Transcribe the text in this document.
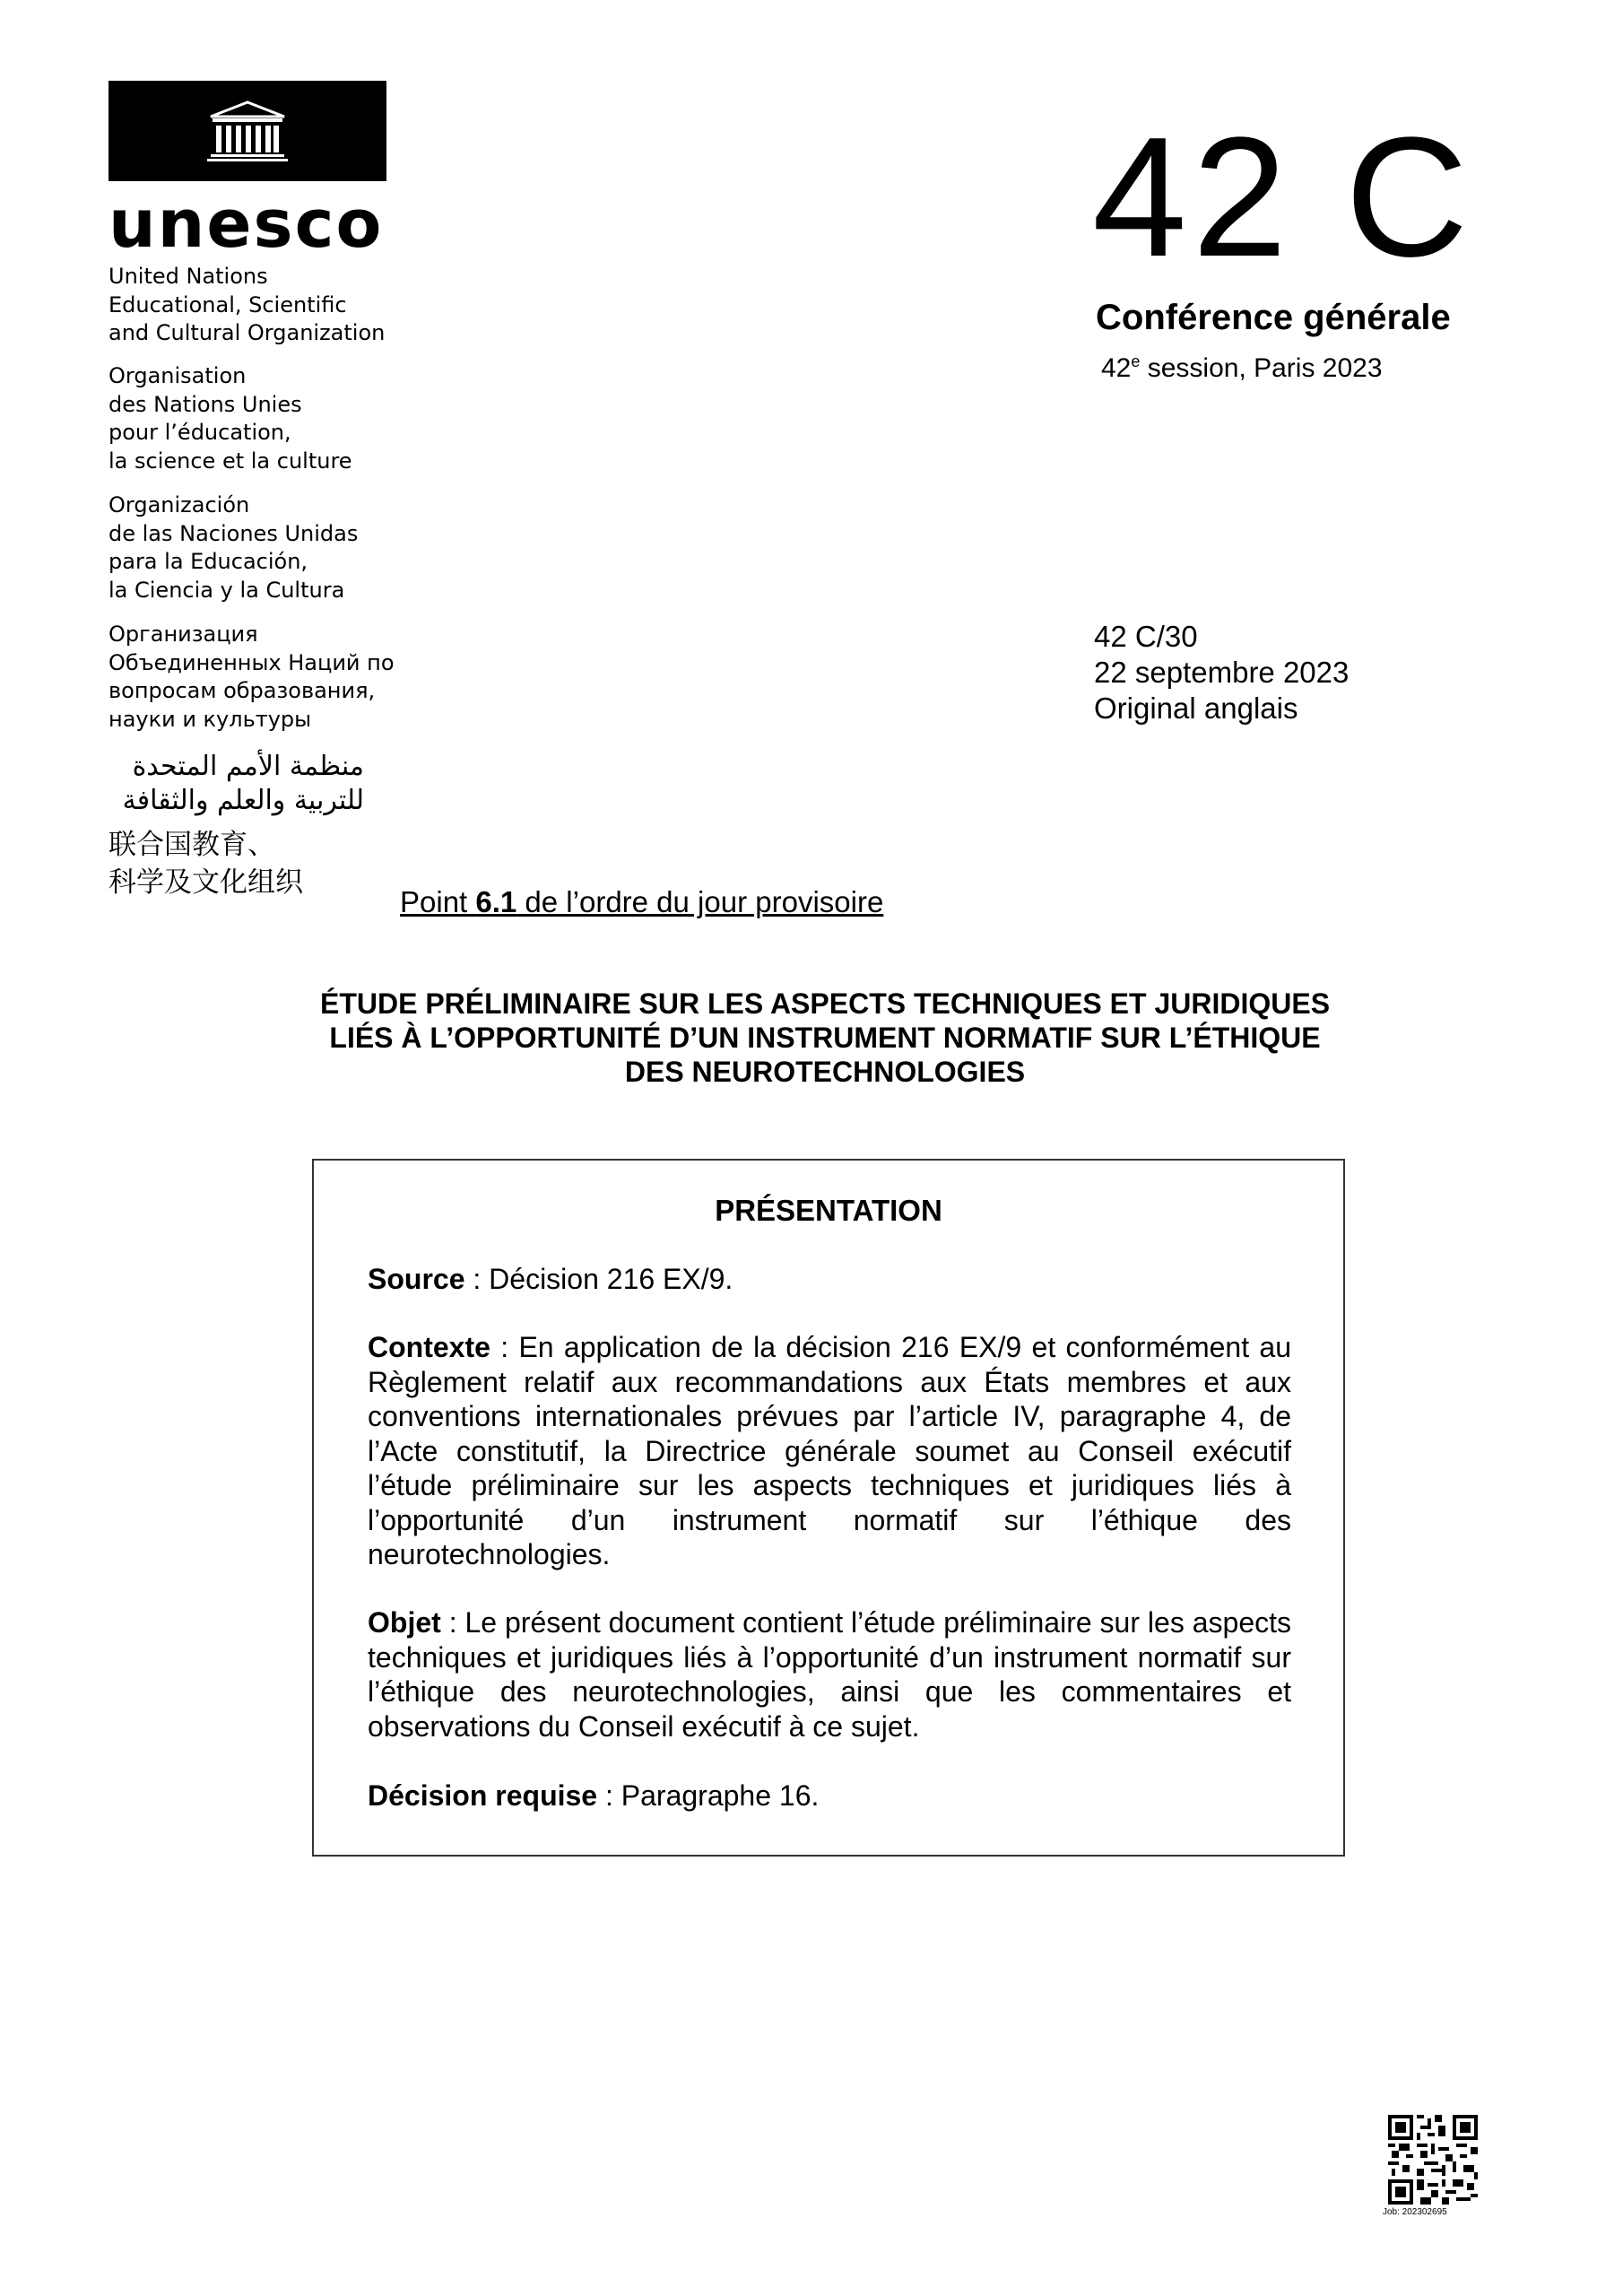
unesco
United Nations
Educational, Scientific
and Cultural Organization
Organisation
des Nations Unies
pour l’éducation,
la science et la culture
Organización
de las Naciones Unidas
para la Educación,
la Ciencia y la Cultura
Организация
Объединенных Наций по
вопросам образования,
науки и культуры
منظمة الأمم المتحدة
للتربية والعلم والثقافة
联合国教育、
科学及文化组织
42 C
Conférence générale
42e session, Paris 2023
42 C/30
22 septembre 2023
Original anglais
Point 6.1 de l’ordre du jour provisoire
ÉTUDE PRÉLIMINAIRE SUR LES ASPECTS TECHNIQUES ET JURIDIQUES
LIÉS À L’OPPORTUNITÉ D’UN INSTRUMENT NORMATIF SUR L’ÉTHIQUE
DES NEUROTECHNOLOGIES
PRÉSENTATION
Source : Décision 216 EX/9.
Contexte : En application de la décision 216 EX/9 et conformément au Règlement relatif aux recommandations aux États membres et aux conventions internationales prévues par l’article IV, paragraphe 4, de l’Acte constitutif, la Directrice générale soumet au Conseil exécutif l’étude préliminaire sur les aspects techniques et juridiques liés à l’opportunité d’un instrument normatif sur l’éthique des neurotechnologies.
Objet : Le présent document contient l’étude préliminaire sur les aspects techniques et juridiques liés à l’opportunité d’un instrument normatif sur l’éthique des neurotechnologies, ainsi que les commentaires et observations du Conseil exécutif à ce sujet.
Décision requise : Paragraphe 16.
Job: 202302695
